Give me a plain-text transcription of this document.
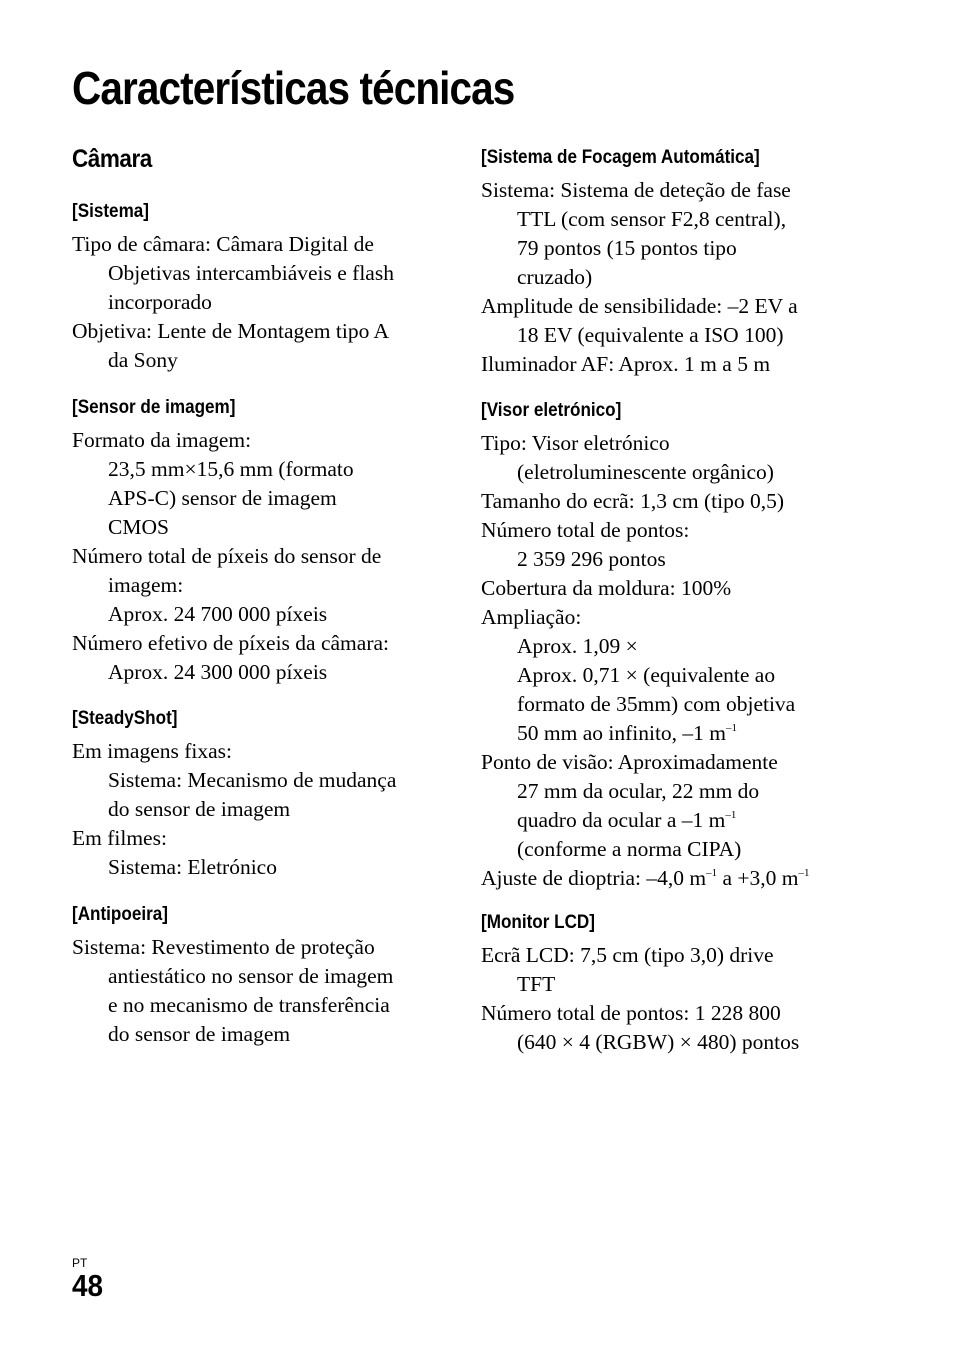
Características técnicas
Câmara
[Sistema]
Tipo de câmara: Câmara Digital de
Objetivas intercambiáveis e flash
incorporado
Objetiva: Lente de Montagem tipo A
da Sony
[Sensor de imagem]
Formato da imagem:
23,5 mm×15,6 mm (formato
APS-C) sensor de imagem
CMOS
Número total de píxeis do sensor de
imagem:
Aprox. 24 700 000 píxeis
Número efetivo de píxeis da câmara:
Aprox. 24 300 000 píxeis
[SteadyShot]
Em imagens fixas:
Sistema: Mecanismo de mudança
do sensor de imagem
Em filmes:
Sistema: Eletrónico
[Antipoeira]
Sistema: Revestimento de proteção
antiestático no sensor de imagem
e no mecanismo de transferência
do sensor de imagem
[Sistema de Focagem Automática]
Sistema: Sistema de deteção de fase
TTL (com sensor F2,8 central),
79 pontos (15 pontos tipo
cruzado)
Amplitude de sensibilidade: –2 EV a
18 EV (equivalente a ISO 100)
Iluminador AF: Aprox. 1 m a 5 m
[Visor eletrónico]
Tipo: Visor eletrónico
(eletroluminescente orgânico)
Tamanho do ecrã: 1,3 cm (tipo 0,5)
Número total de pontos:
2 359 296 pontos
Cobertura da moldura: 100%
Ampliação:
Aprox. 1,09 ×
Aprox. 0,71 × (equivalente ao
formato de 35mm) com objetiva
50 mm ao infinito, –1 $m^{-1}$
Ponto de visão: Aproximadamente
27 mm da ocular, 22 mm do
quadro da ocular a –1 $m^{-1}$
(conforme a norma CIPA)
Ajuste de dioptria: –4,0 $m^{-1}$ a +3,0 $m^{-1}$
[Monitor LCD]
Ecrã LCD: 7,5 cm (tipo 3,0) drive
TFT
Número total de pontos: 1 228 800
(640 × 4 (RGBW) × 480) pontos
PT
48
